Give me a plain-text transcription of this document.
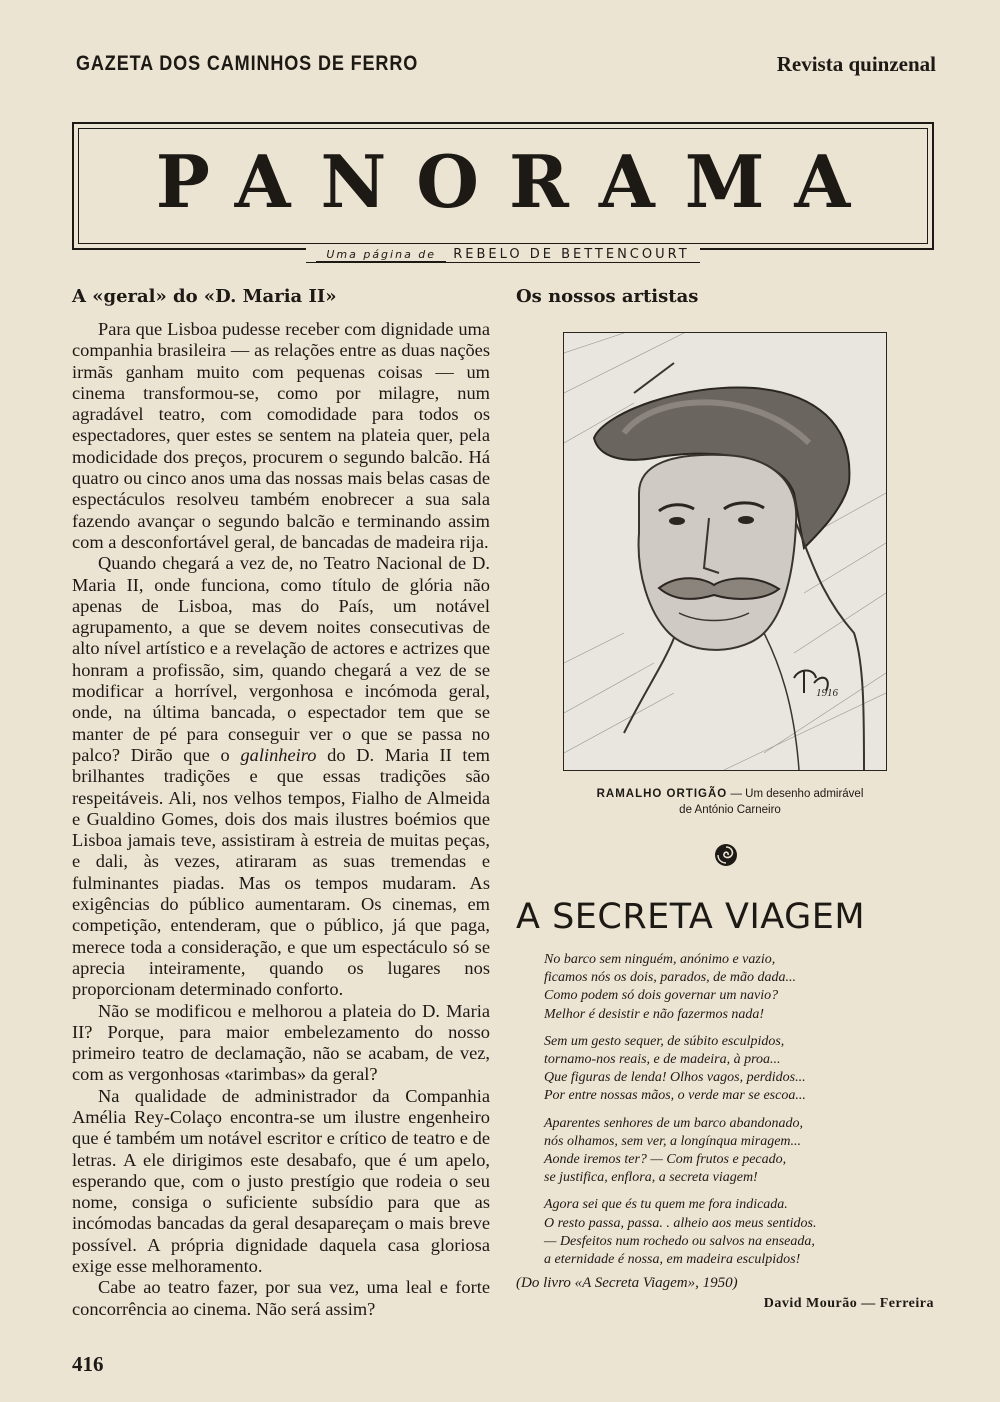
GAZETA DOS CAMINHOS DE FERRO	Revista quinzenal
PANORAMA
Uma página de REBELO DE BETTENCOURT
A «geral» do «D. Maria II»

Para que Lisboa pudesse receber com dignidade uma companhia brasileira — as relações entre as duas nações irmãs ganham muito com pequenas coisas — um cinema transformou-se, como por milagre, num agradável teatro, com comodidade para todos os espectadores, quer estes se sentem na plateia quer, pela modicidade dos preços, procurem o segundo balcão. Há quatro ou cinco anos uma das nossas mais belas casas de espectáculos resolveu também enobrecer a sua sala fazendo avançar o segundo balcão e terminando assim com a desconfortável geral, de bancadas de madeira rija.

Quando chegará a vez de, no Teatro Nacional de D. Maria II, onde funciona, como título de glória não apenas de Lisboa, mas do País, um notável agrupamento, a que se devem noites consecutivas de alto nível artístico e a revelação de actores e actrizes que honram a profissão, sim, quando chegará a vez de se modificar a horrível, vergonhosa e incómoda geral, onde, na última bancada, o espectador tem que se manter de pé para conseguir ver o que se passa no palco? Dirão que o galinheiro do D. Maria II tem brilhantes tradições e que essas tradições são respeitáveis. Ali, nos velhos tempos, Fialho de Almeida e Gualdino Gomes, dois dos mais ilustres boémios que Lisboa jamais teve, assistiram à estreia de muitas peças, e dali, às vezes, atiraram as suas tremendas e fulminantes piadas. Mas os tempos mudaram. As exigências do público aumentaram. Os cinemas, em competição, entenderam, que o público, já que paga, merece toda a consideração, e que um espectáculo só se aprecia inteiramente, quando os lugares nos proporcionam determinado conforto.

Não se modificou e melhorou a plateia do D. Maria II? Porque, para maior embelezamento do nosso primeiro teatro de declamação, não se acabam, de vez, com as vergonhosas «tarimbas» da geral?

Na qualidade de administrador da Companhia Amélia Rey-Colaço encontra-se um ilustre engenheiro que é também um notável escritor e crítico de teatro e de letras. A ele dirigimos este desabafo, que é um apelo, esperando que, com o justo prestígio que rodeia o seu nome, consiga o suficiente subsídio para que as incómodas bancadas da geral desapareçam o mais breve possível. A própria dignidade daquela casa gloriosa exige esse melhoramento.

Cabe ao teatro fazer, por sua vez, uma leal e forte concorrência ao cinema. Não será assim?

Os nossos artistas
1916
RAMALHO ORTIGÃO — Um desenho admirável
de António Carneiro
A SECRETA VIAGEM
No barco sem ninguém, anónimo e vazio,
ficamos nós os dois, parados, de mão dada...
Como podem só dois governar um navio?
Melhor é desistir e não fazermos nada!
Sem um gesto sequer, de súbito esculpidos,
tornamo-nos reais, e de madeira, à proa...
Que figuras de lenda! Olhos vagos, perdidos...
Por entre nossas mãos, o verde mar se escoa...
Aparentes senhores de um barco abandonado,
nós olhamos, sem ver, a longínqua miragem...
Aonde iremos ter? — Com frutos e pecado,
se justifica, enflora, a secreta viagem!
Agora sei que és tu quem me fora indicada.
O resto passa, passa. . alheio aos meus sentidos.
— Desfeitos num rochedo ou salvos na enseada,
a eternidade é nossa, em madeira esculpidos!
(Do livro «A Secreta Viagem», 1950)
David Mourão — Ferreira
416
